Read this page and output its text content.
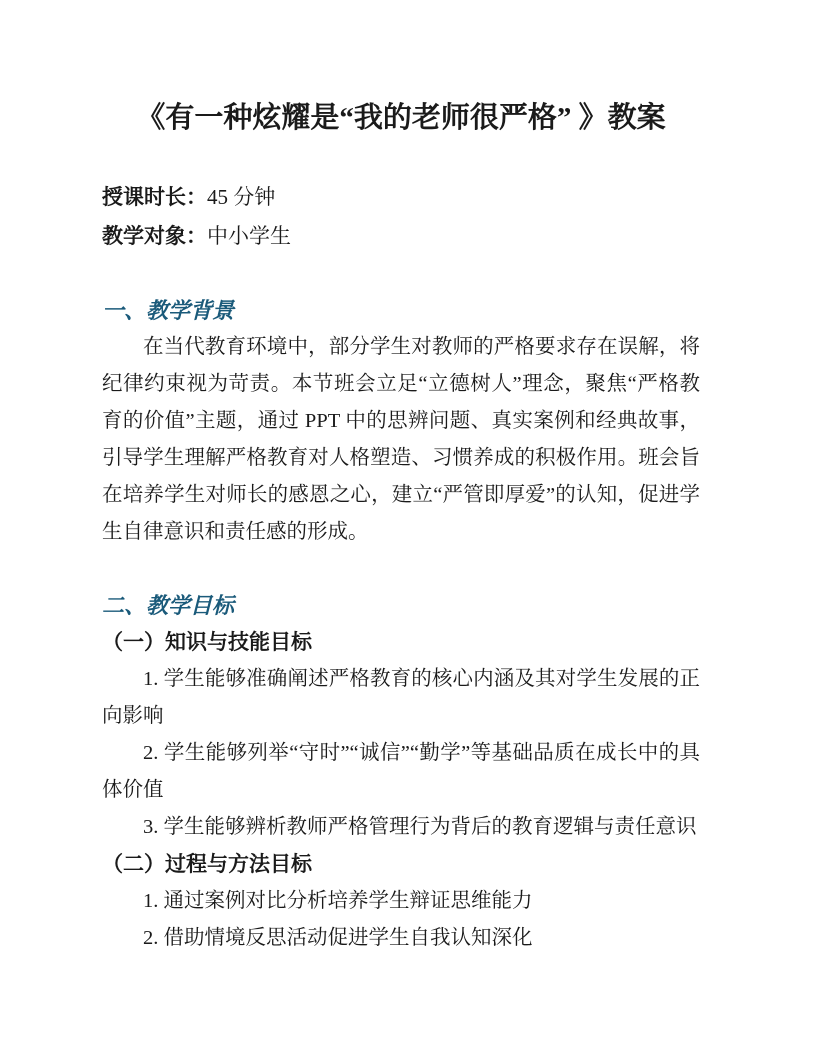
《有一种炫耀是“我的老师很严格” 》教案

授课时长：45 分钟

教学对象：中小学生

一、教学背景

在当代教育环境中，部分学生对教师的严格要求存在误解，将纪律约束视为苛责。本节班会立足“立德树人”理念，聚焦“严格教育的价值”主题，通过 PPT 中的思辨问题、真实案例和经典故事，引导学生理解严格教育对人格塑造、习惯养成的积极作用。班会旨在培养学生对师长的感恩之心，建立“严管即厚爱”的认知，促进学生自律意识和责任感的形成。

二、教学目标
（一）知识与技能目标

1. 学生能够准确阐述严格教育的核心内涵及其对学生发展的正向影响

2. 学生能够列举“守时”“诚信”“勤学”等基础品质在成长中的具体价值

3. 学生能够辨析教师严格管理行为背后的教育逻辑与责任意识

（二）过程与方法目标

1. 通过案例对比分析培养学生辩证思维能力

2. 借助情境反思活动促进学生自我认知深化
